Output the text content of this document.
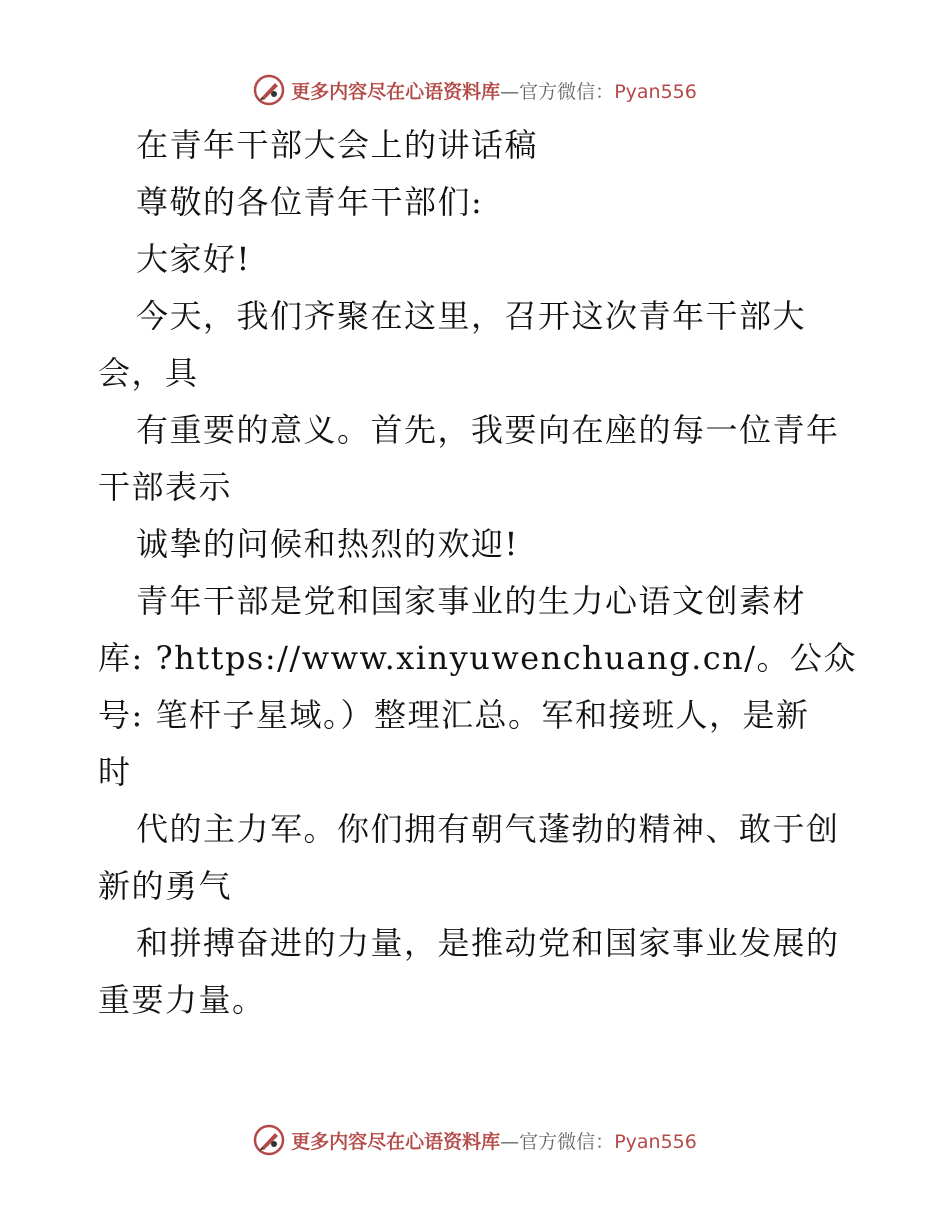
更多内容尽在心语资料库—官方微信：Pyan556
在青年干部大会上的讲话稿
尊敬的各位青年干部们:
大家好!
今天，我们齐聚在这里，召开这次青年干部大
会，具
有重要的意义。首先，我要向在座的每一位青年
干部表示
诚挚的问候和热烈的欢迎!
青年干部是党和国家事业的生力心语文创素材
库: ?https://www.xinyuwenchuang.cn/。公众
号: 笔杆子星域。）整理汇总。军和接班人，是新
时
代的主力军。你们拥有朝气蓬勃的精神、敢于创
新的勇气
和拼搏奋进的力量，是推动党和国家事业发展的
重要力量。
更多内容尽在心语资料库—官方微信：Pyan556
